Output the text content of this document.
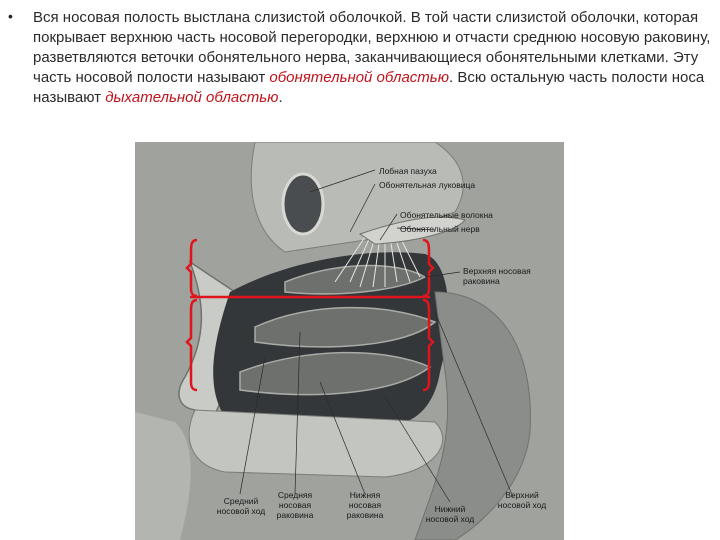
• Вся носовая полость выстлана слизистой оболочкой. В той части слизистой оболочки, которая покрывает верхнюю часть носовой перегородки, верхнюю и отчасти среднюю носовую раковину, разветвляются веточки обонятельного нерва, заканчивающиеся обонятельными клетками. Эту часть носовой полости называют обонятельной областью. Всю остальную часть полости носа называют дыхательной областью.

Лобная пазуха
Обонятельная луковица
Обонятельные волокна
Обонятельный нерв
Верхняя носовая
раковина
Средний
носовой ход
Средняя
носовая
раковина
Нижняя
носовая
раковина
Нижний
носовой ход
Верхний
носовой ход
